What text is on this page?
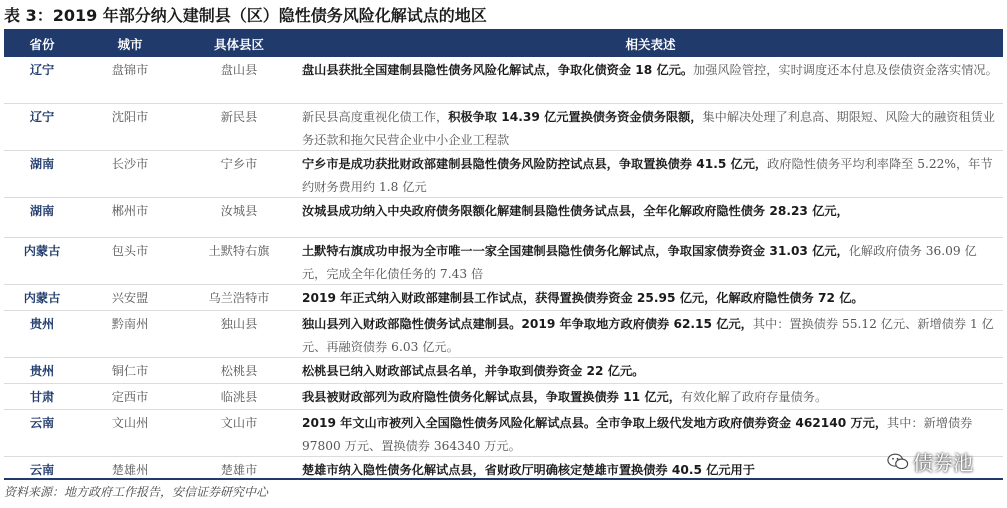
表 3：2019 年部分纳入建制县（区）隐性债务风险化解试点的地区
省份	城市	具体县区	相关表述
辽宁	盘锦市	盘山县	盘山县获批全国建制县隐性债务风险化解试点，争取化债资金 18 亿元。加强风险管控，实时调度还本付息及偿债资金落实情况。
辽宁	沈阳市	新民县	新民县高度重视化债工作，积极争取 14.39 亿元置换债务资金债务限额，集中解决处理了利息高、期限短、风险大的融资租赁业务还款和拖欠民营企业中小企业工程款
湖南	长沙市	宁乡市	宁乡市是成功获批财政部建制县隐性债务风险防控试点县，争取置换债券 41.5 亿元，政府隐性债务平均利率降至 5.22%，年节约财务费用约 1.8 亿元
湖南	郴州市	汝城县	汝城县成功纳入中央政府债务限额化解建制县隐性债务试点县，全年化解政府隐性债务 28.23 亿元，
内蒙古	包头市	土默特右旗	土默特右旗成功申报为全市唯一一家全国建制县隐性债务化解试点，争取国家债券资金 31.03 亿元，化解政府债务 36.09 亿元，完成全年化债任务的 7.43 倍
内蒙古	兴安盟	乌兰浩特市	2019 年正式纳入财政部建制县工作试点，获得置换债券资金 25.95 亿元，化解政府隐性债务 72 亿。
贵州	黔南州	独山县	独山县列入财政部隐性债务试点建制县。2019 年争取地方政府债券 62.15 亿元，其中：置换债券 55.12 亿元、新增债券 1 亿元、再融资债券 6.03 亿元。
贵州	铜仁市	松桃县	松桃县已纳入财政部试点县名单，并争取到债券资金 22 亿元。
甘肃	定西市	临洮县	我县被财政部列为政府隐性债务化解试点县，争取置换债券 11 亿元，有效化解了政府存量债务。
云南	文山州	文山市	2019 年文山市被列入全国隐性债务风险化解试点县。全市争取上级代发地方政府债券资金 462140 万元，其中：新增债券 97800 万元、置换债券 364340 万元。
云南	楚雄州	楚雄市	楚雄市纳入隐性债务化解试点县，省财政厅明确核定楚雄市置换债券 40.5 亿元用于
资料来源：地方政府工作报告，安信证券研究中心
债券池
